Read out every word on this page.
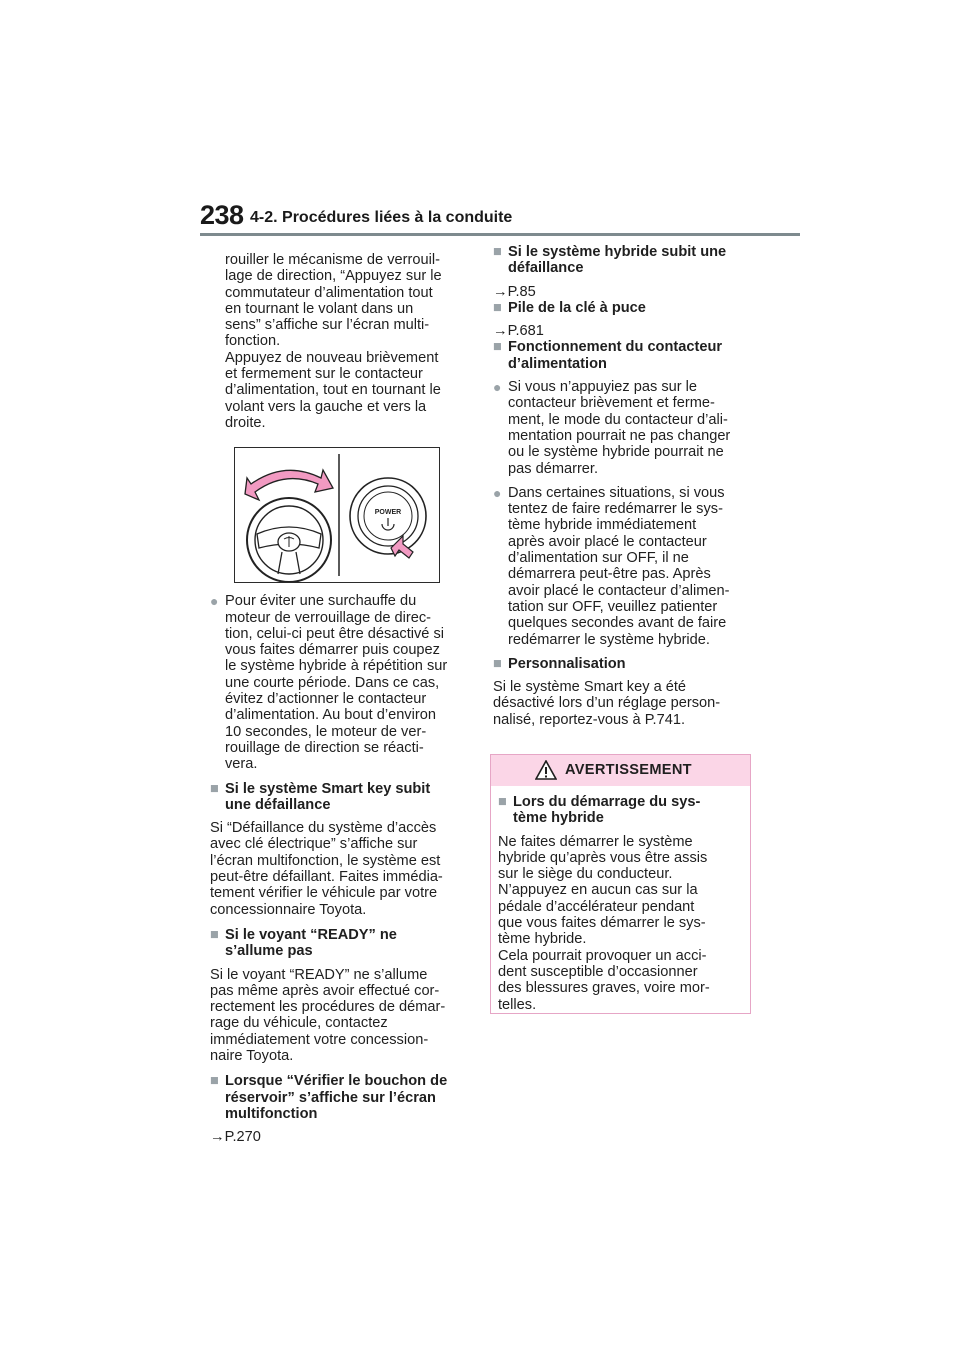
238 4-2. Procédures liées à la conduite

rouiller le mécanisme de verrouil-

lage de direction, “Appuyez sur le

commutateur d’alimentation tout

en tournant le volant dans un

sens” s’affiche sur l’écran multi-

fonction.

Appuyez de nouveau brièvement

et fermement sur le contacteur

d’alimentation, tout en tournant le

volant vers la gauche et vers la

droite.

POWER
● Pour éviter une surchauffe du

moteur de verrouillage de direc-

tion, celui-ci peut être désactivé si

vous faites démarrer puis coupez

le système hybride à répétition sur

une courte période. Dans ce cas,

évitez d’actionner le contacteur

d’alimentation. Au bout d’environ

10 secondes, le moteur de ver-

rouillage de direction se réacti-

vera.

■ Si le système Smart key subit

une défaillance

Si “Défaillance du système d’accès

avec clé électrique” s’affiche sur

l’écran multifonction, le système est

peut-être défaillant. Faites immédia-

tement vérifier le véhicule par votre

concessionnaire Toyota.

■ Si le voyant “READY” ne

s’allume pas

Si le voyant “READY” ne s’allume

pas même après avoir effectué cor-

rectement les procédures de démar-

rage du véhicule, contactez

immédiatement votre concession-

naire Toyota.

■ Lorsque “Vérifier le bouchon de

réservoir” s’affiche sur l’écran

multifonction

→P.270

■ Si le système hybride subit une

défaillance

→P.85

■ Pile de la clé à puce

→P.681

■ Fonctionnement du contacteur

d’alimentation

● Si vous n’appuyiez pas sur le

contacteur brièvement et ferme-

ment, le mode du contacteur d’ali-

mentation pourrait ne pas changer

ou le système hybride pourrait ne

pas démarrer.

● Dans certaines situations, si vous

tentez de faire redémarrer le sys-

tème hybride immédiatement

après avoir placé le contacteur

d’alimentation sur OFF, il ne

démarrera peut-être pas. Après

avoir placé le contacteur d’alimen-

tation sur OFF, veuillez patienter

quelques secondes avant de faire

redémarrer le système hybride.

■ Personnalisation

Si le système Smart key a été

désactivé lors d’un réglage person-

nalisé, reportez-vous à P.741.

AVERTISSEMENT
■ Lors du démarrage du sys-

tème hybride

Ne faites démarrer le système

hybride qu’après vous être assis

sur le siège du conducteur.

N’appuyez en aucun cas sur la

pédale d’accélérateur pendant

que vous faites démarrer le sys-

tème hybride.

Cela pourrait provoquer un acci-

dent susceptible d’occasionner

des blessures graves, voire mor-

telles.
